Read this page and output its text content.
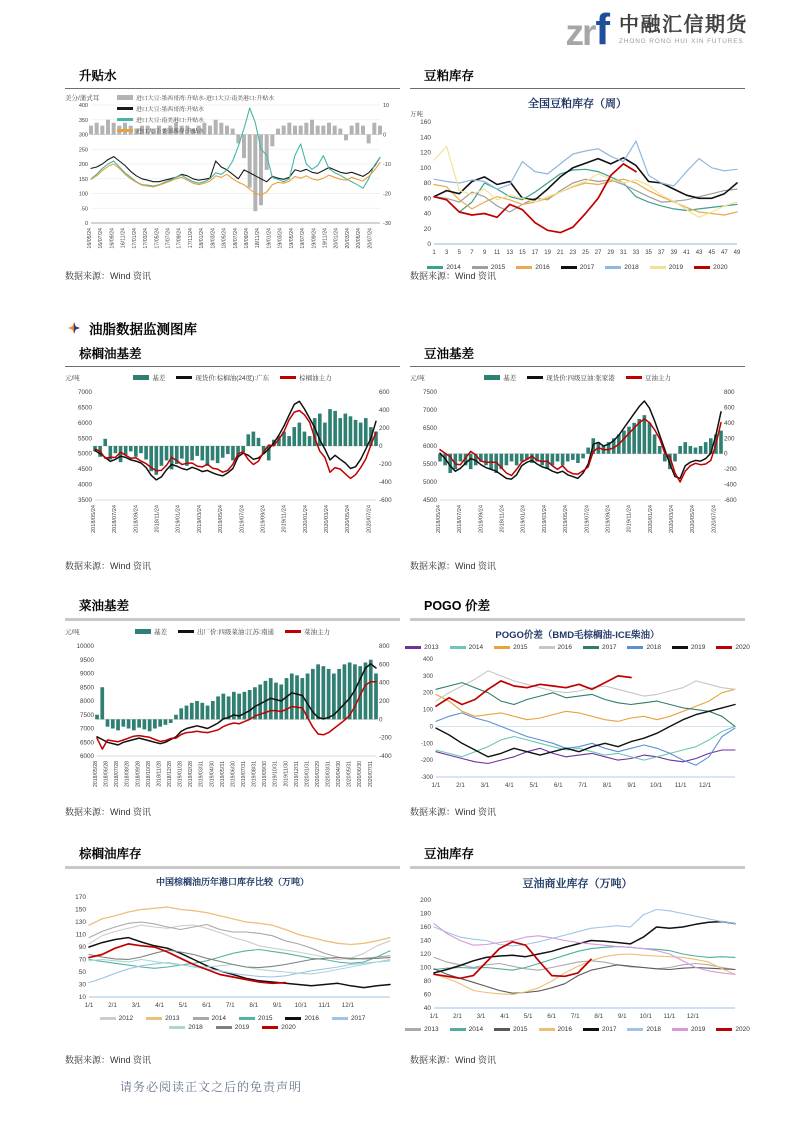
zr f 中融汇信期货
ZHONG RONG HUI XIN FUTURES
升贴水
进口大豆:墨西哥湾:升贴水-进口大豆:南美港口:升贴水
进口大豆:墨西哥湾:升贴水
进口大豆:南美港口:升贴水
进口大豆:美国西岸:升贴水
美分/蒲式耳
0
50
100
150
200
250
300
350
400
-30
-20
-10
0
10
16/05/24 16/07/24 16/09/24 16/11/24 17/01/24 17/03/24 17/05/24 17/07/24 17/09/24 17/11/24 18/01/24 18/03/24 18/05/24 18/07/24 18/09/24 18/11/24 19/01/24 19/03/24 19/05/24 19/07/24 19/09/24 19/11/24 20/01/24 20/03/24 20/05/24 20/07/24
数据来源：Wind 资讯
豆粕库存
全国豆粕库存（周）
万吨
0
20
40
60
80
100
120
140
160
1 3 5 7 9 11 13 15 17 19 21 23 25 27 29 31 33 35 37 39 41 43 45 47 49
2014	2015	2016	2017	2018	2019	2020
数据来源：Wind 资讯
油脂数据监测图库
棕榈油基差
基差	现货价:棕榈油(24度):广东	棕榈油主力
元/吨
3500
4000
4500
5000
5500
6000
6500
7000
-600
-400
-200
0
200
400
600
2018/05/24	2018/07/24	2018/09/24	2018/11/24	2019/01/24	2019/03/24	2019/05/24	2019/07/24	2019/09/24	2019/11/24	2020/01/24	2020/03/24	2020/05/24	2020/07/24
数据来源：Wind 资讯
豆油基差
基差	现货价:四级豆油:张家港	豆油主力
元/吨
4500
5000
5500
6000
6500
7000
7500
-600
-400
-200
0
200
400
600
800
2018/05/24	2018/07/24	2018/09/24	2018/11/24	2019/01/24	2019/03/24	2019/05/24	2019/07/24	2019/09/24	2019/11/24	2020/01/24	2020/03/24	2020/05/24	2020/07/24
数据来源：Wind 资讯
菜油基差
基差	出厂价:四级菜油:江苏:南通	菜油主力
元/吨
6000
6500
7000
7500
8000
8500
9000
9500
10000
-400
-200
0
200
400
600
800
2018/05/28 2018/06/28 2018/07/28 2018/08/28 2018/09/28 2018/10/28 2018/11/28 2018/12/28 2019/01/28 2019/02/28 2019/03/31 2019/04/30 2019/05/31 2019/06/30 2019/07/31 2019/08/31 2019/09/30 2019/10/31 2019/11/30 2019/12/31 2020/01/31 2020/02/29 2020/03/31 2020/04/30 2020/05/31 2020/06/30 2020/07/31
数据来源：Wind 资讯
POGO 价差
POGO价差（BMD毛棕榈油-ICE柴油）
2013	2014	2015	2016	2017	2018	2019	2020
-300
-200
-100
0
100
200
300
400
1/1 2/1 3/1 4/1 5/1 6/1 7/1 8/1 9/1 10/1 11/1 12/1
数据来源：Wind 资讯
棕榈油库存
中国棕榈油历年港口库存比较（万吨）
10
30
50
70
90
110
130
150
170
1/1 2/1 3/1 4/1 5/1 6/1 7/1 8/1 9/1 10/1 11/1 12/1
2012	2013	2014	2015	2016	2017
2018	2019	2020
数据来源：Wind 资讯
豆油库存
豆油商业库存（万吨）
40
60
80
100
120
140
160
180
200
1/1 2/1 3/1 4/1 5/1 6/1 7/1 8/1 9/1 10/1 11/1 12/1
2013	2014	2015	2016	2017	2018	2019	2020
数据来源：Wind 资讯
请务必阅读正文之后的免责声明
